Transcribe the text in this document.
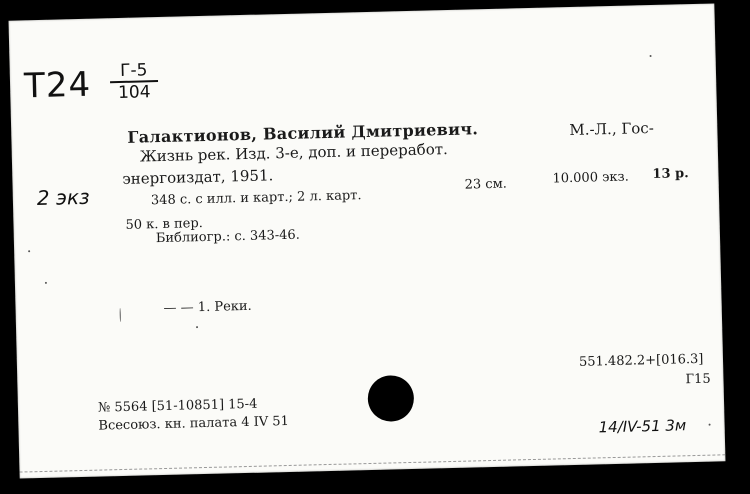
Т24	Г-5
104
2 экз
Галактионов, Василий Дмитриевич.
Жизнь рек. Изд. 3-е, доп. и переработ.
М.-Л., Гос-
энергоиздат, 1951.
348 с. с илл. и карт.; 2 л. карт.
23 см.	10.000 экз. 13 р.
50 к. в пер.
Библиогр.: с. 343-46.
— — 1. Реки.
№ 5564 [51-10851] 15-4
Всесоюз. кн. палата 4 IV 51
551.482.2+[016.3]
Г15
14/IV-51 3м
